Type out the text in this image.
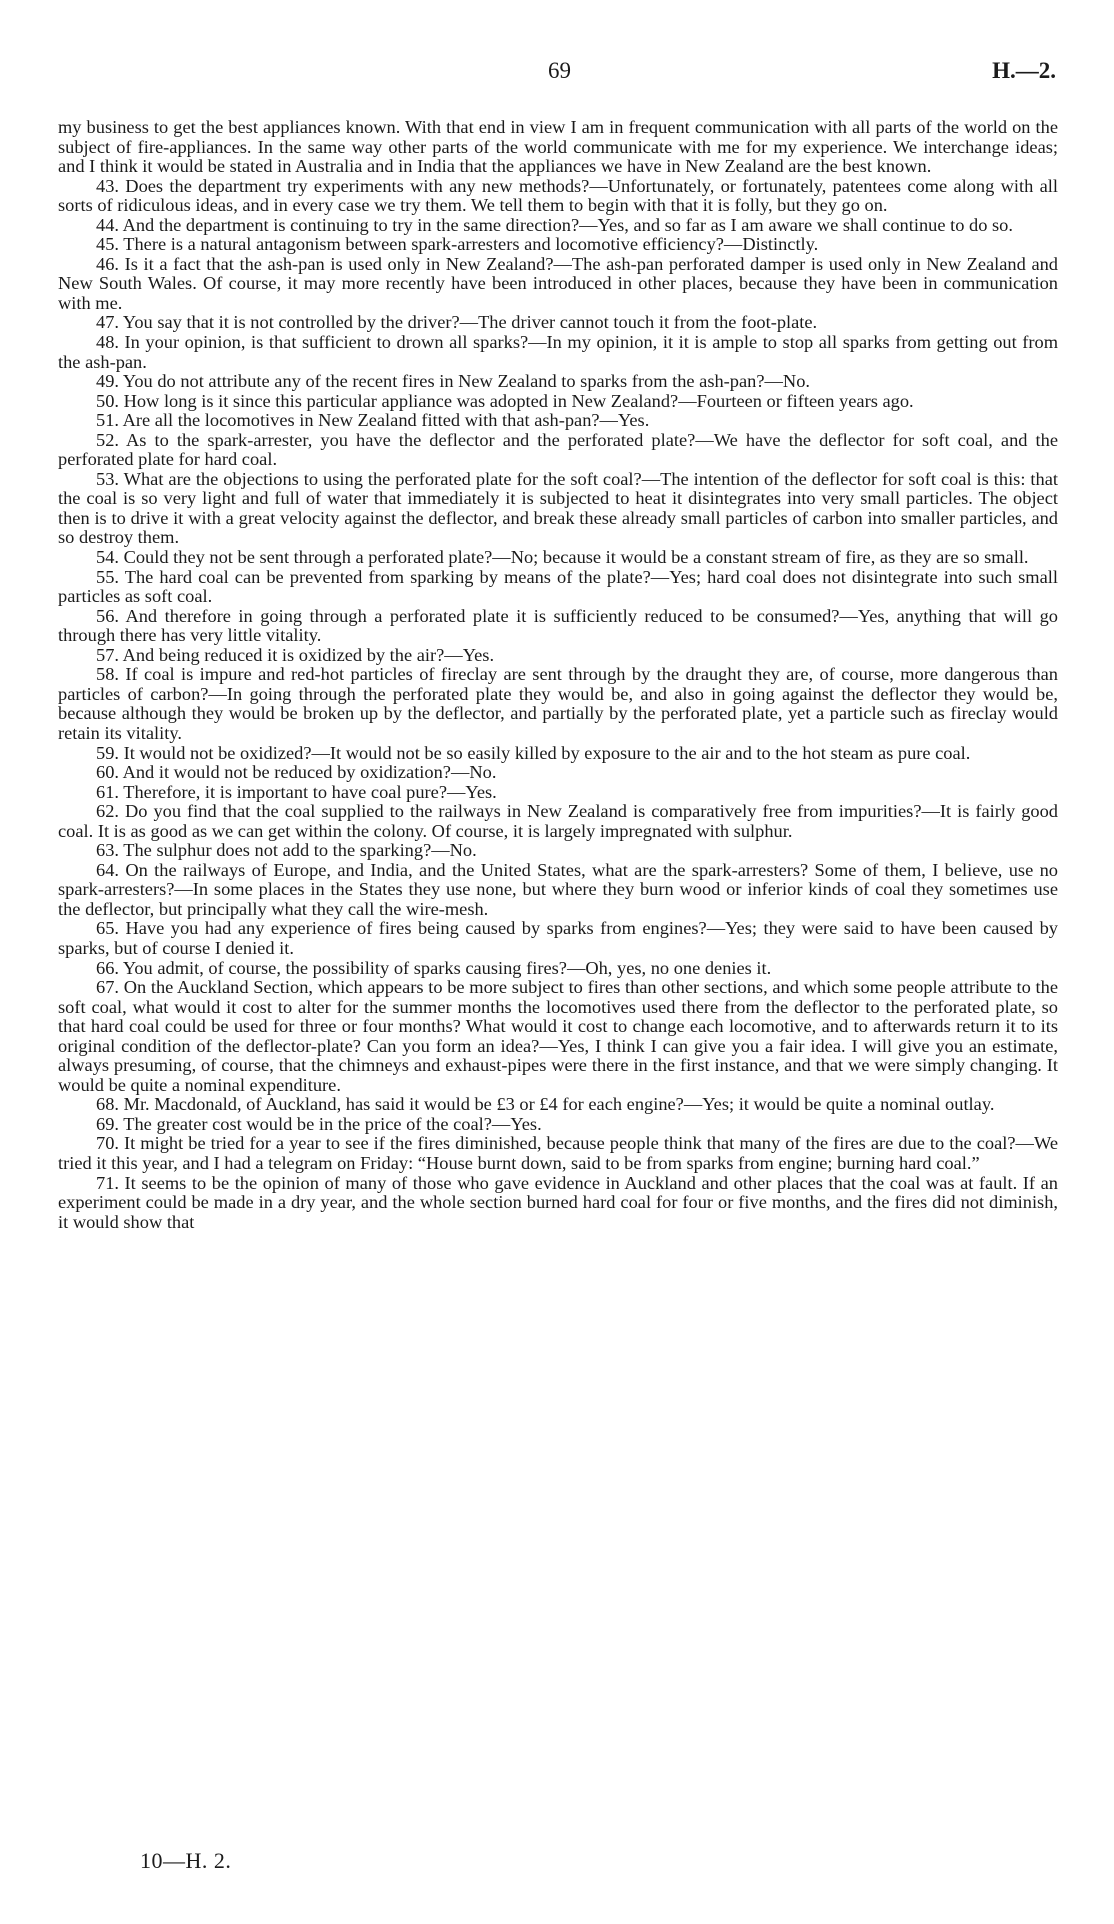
69	H.—2.

my business to get the best appliances known. With that end in view I am in frequent communication with all parts of the world on the subject of fire-appliances. In the same way other parts of the world communicate with me for my experience. We interchange ideas; and I think it would be stated in Australia and in India that the appliances we have in New Zealand are the best known.

43. Does the department try experiments with any new methods?—Unfortunately, or fortunately, patentees come along with all sorts of ridiculous ideas, and in every case we try them. We tell them to begin with that it is folly, but they go on.

44. And the department is continuing to try in the same direction?—Yes, and so far as I am aware we shall continue to do so.

45. There is a natural antagonism between spark-arresters and locomotive efficiency?—Distinctly.

46. Is it a fact that the ash-pan is used only in New Zealand?—The ash-pan perforated damper is used only in New Zealand and New South Wales. Of course, it may more recently have been introduced in other places, because they have been in communication with me.

47. You say that it is not controlled by the driver?—The driver cannot touch it from the foot-plate.

48. In your opinion, is that sufficient to drown all sparks?—In my opinion, it it is ample to stop all sparks from getting out from the ash-pan.

49. You do not attribute any of the recent fires in New Zealand to sparks from the ash-pan?—No.

50. How long is it since this particular appliance was adopted in New Zealand?—Fourteen or fifteen years ago.

51. Are all the locomotives in New Zealand fitted with that ash-pan?—Yes.

52. As to the spark-arrester, you have the deflector and the perforated plate?—We have the deflector for soft coal, and the perforated plate for hard coal.

53. What are the objections to using the perforated plate for the soft coal?—The intention of the deflector for soft coal is this: that the coal is so very light and full of water that immediately it is subjected to heat it disintegrates into very small particles. The object then is to drive it with a great velocity against the deflector, and break these already small particles of carbon into smaller particles, and so destroy them.

54. Could they not be sent through a perforated plate?—No; because it would be a constant stream of fire, as they are so small.

55. The hard coal can be prevented from sparking by means of the plate?—Yes; hard coal does not disintegrate into such small particles as soft coal.

56. And therefore in going through a perforated plate it is sufficiently reduced to be consumed?—Yes, anything that will go through there has very little vitality.

57. And being reduced it is oxidized by the air?—Yes.

58. If coal is impure and red-hot particles of fireclay are sent through by the draught they are, of course, more dangerous than particles of carbon?—In going through the perforated plate they would be, and also in going against the deflector they would be, because although they would be broken up by the deflector, and partially by the perforated plate, yet a particle such as fireclay would retain its vitality.

59. It would not be oxidized?—It would not be so easily killed by exposure to the air and to the hot steam as pure coal.

60. And it would not be reduced by oxidization?—No.

61. Therefore, it is important to have coal pure?—Yes.

62. Do you find that the coal supplied to the railways in New Zealand is comparatively free from impurities?—It is fairly good coal. It is as good as we can get within the colony. Of course, it is largely impregnated with sulphur.

63. The sulphur does not add to the sparking?—No.

64. On the railways of Europe, and India, and the United States, what are the spark-arresters? Some of them, I believe, use no spark-arresters?—In some places in the States they use none, but where they burn wood or inferior kinds of coal they sometimes use the deflector, but principally what they call the wire-mesh.

65. Have you had any experience of fires being caused by sparks from engines?—Yes; they were said to have been caused by sparks, but of course I denied it.

66. You admit, of course, the possibility of sparks causing fires?—Oh, yes, no one denies it.

67. On the Auckland Section, which appears to be more subject to fires than other sections, and which some people attribute to the soft coal, what would it cost to alter for the summer months the locomotives used there from the deflector to the perforated plate, so that hard coal could be used for three or four months? What would it cost to change each locomotive, and to afterwards return it to its original condition of the deflector-plate? Can you form an idea?—Yes, I think I can give you a fair idea. I will give you an estimate, always presuming, of course, that the chimneys and exhaust-pipes were there in the first instance, and that we were simply changing. It would be quite a nominal expenditure.

68. Mr. Macdonald, of Auckland, has said it would be £3 or £4 for each engine?—Yes; it would be quite a nominal outlay.

69. The greater cost would be in the price of the coal?—Yes.

70. It might be tried for a year to see if the fires diminished, because people think that many of the fires are due to the coal?—We tried it this year, and I had a telegram on Friday: “House burnt down, said to be from sparks from engine; burning hard coal.”

71. It seems to be the opinion of many of those who gave evidence in Auckland and other places that the coal was at fault. If an experiment could be made in a dry year, and the whole section burned hard coal for four or five months, and the fires did not diminish, it would show that

10—H. 2.
